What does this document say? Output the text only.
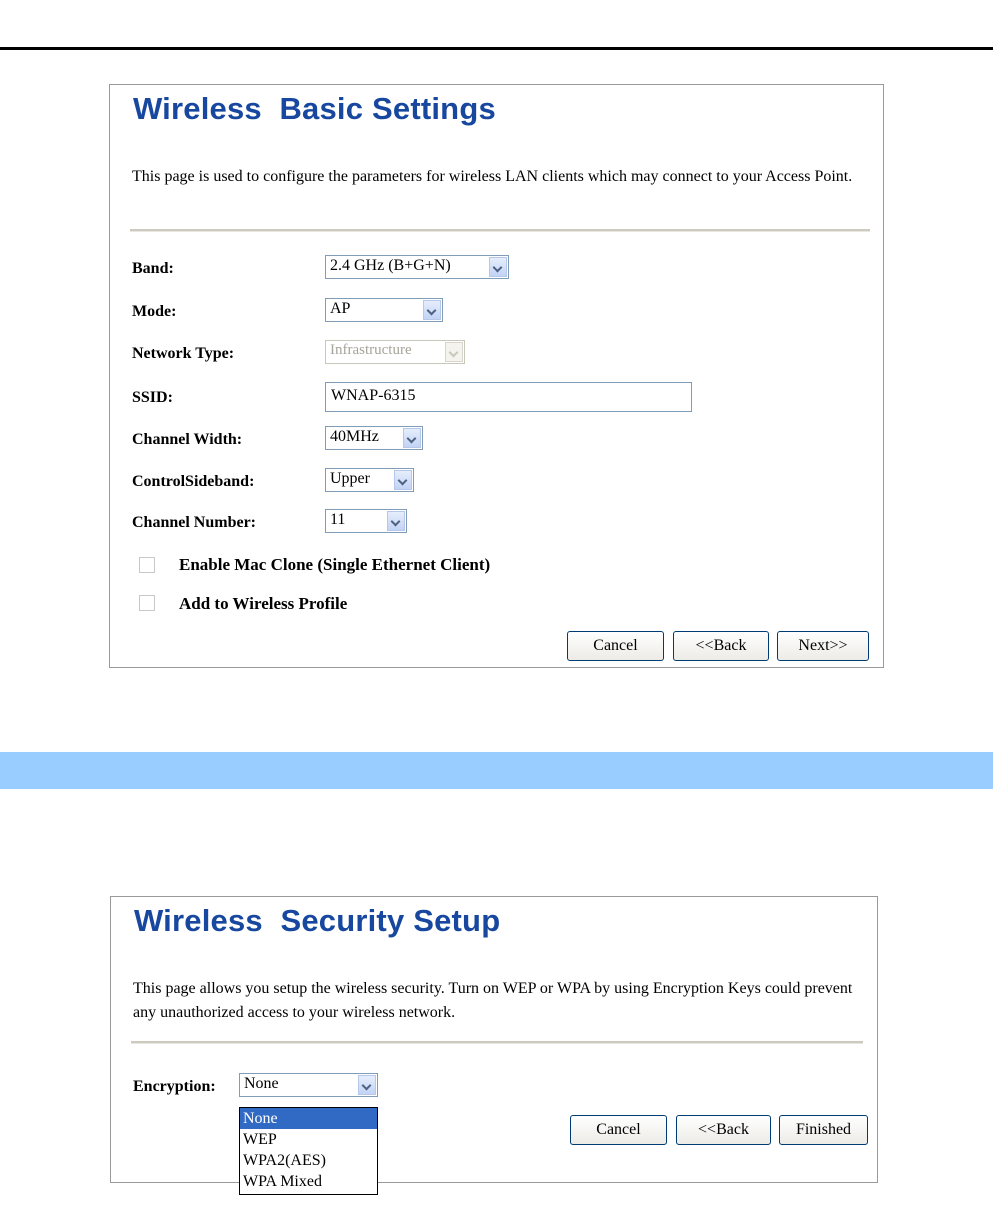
Wireless  Basic Settings
This page is used to configure the parameters for wireless LAN clients which may connect to your Access Point.
Band:	2.4 GHz (B+G+N)
Mode:	AP
Network Type:	Infrastructure
SSID:	WNAP-6315
Channel Width:	40MHz
ControlSideband:	Upper
Channel Number:	11
Enable Mac Clone (Single Ethernet Client)
Add to Wireless Profile
Cancel	<<Back	Next>>
Wireless  Security Setup
This page allows you setup the wireless security. Turn on WEP or WPA by using Encryption Keys could prevent any unauthorized access to your wireless network.
Encryption: None
None
WEP
WPA2(AES)
WPA Mixed
Cancel	<<Back	Finished
